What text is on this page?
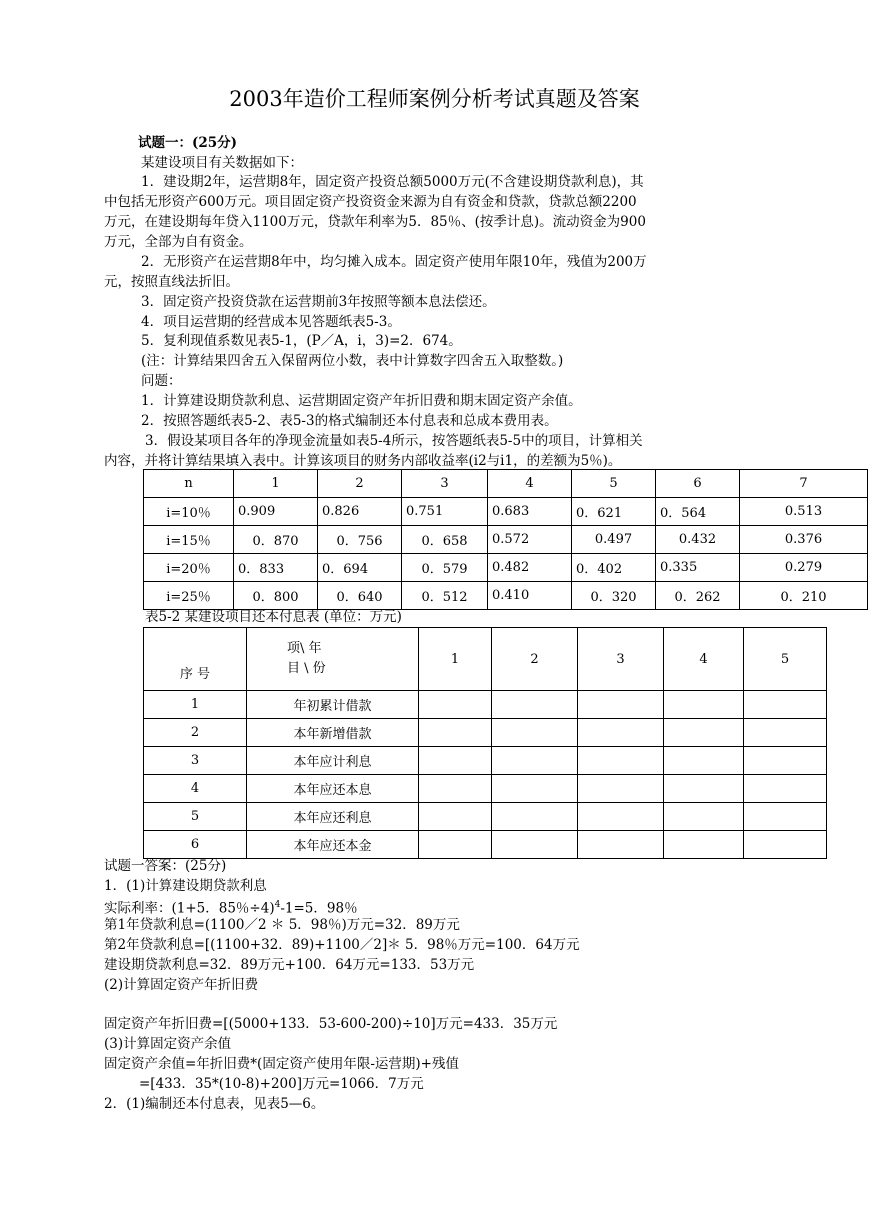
2003年造价工程师案例分析考试真题及答案
试题一：(25分)
某建设项目有关数据如下：
1．建设期2年，运营期8年，固定资产投资总额5000万元(不含建设期贷款利息)，其
中包括无形资产600万元。项目固定资产投资资金来源为自有资金和贷款，贷款总额2200
万元，在建设期每年贷入1100万元，贷款年利率为5．85％、(按季计息)。流动资金为900
万元，全部为自有资金。
2．无形资产在运营期8年中，均匀摊入成本。固定资产使用年限10年，残值为200万
元，按照直线法折旧。
3．固定资产投资贷款在运营期前3年按照等额本息法偿还。
4．项目运营期的经营成本见答题纸表5-3。
5．复利现值系数见表5-1，(P／A，i，3)=2．674。
(注：计算结果四舍五入保留两位小数，表中计算数字四舍五入取整数。)
问题：
1．计算建设期贷款利息、运营期固定资产年折旧费和期末固定资产余值。
2．按照答题纸表5-2、表5-3的格式编制还本付息表和总成本费用表。
3．假设某项目各年的净现金流量如表5-4所示，按答题纸表5-5中的项目，计算相关
内容，并将计算结果填入表中。计算该项目的财务内部收益率(i2与i1，的差额为5％)。
n	1	2	3	4	5	6	7
i=10％	0.909	0.826	0.751	0.683	0．621	0．564	0.513
i=15％	0．870	0．756	0．658	0.572	0.497	0.432	0.376
i=20％	0．833	0．694	0．579	0.482	0．402	0.335	0.279
i=25％	0．800	0．640	0．512	0.410	0．320	0．262	0．210
表5-2 某建设项目还本付息表 (单位：万元)
序 号	项\ 年
目 \ 份	1	2	3	4	5
1	年初累计借款					
2	本年新增借款					
3	本年应计利息					
4	本年应还本息					
5	本年应还利息					
6	本年应还本金					
试题一答案：(25分)
1．(1)计算建设期贷款利息
实际利率：(1+5．85％÷4)$^4$-1=5．98％
第1年贷款利息=(1100／2 ＊ 5．98％)万元=32．89万元
第2年贷款利息=[(1100+32．89)+1100／2]＊ 5．98％万元=100．64万元
建设期贷款利息=32．89万元+100．64万元=133．53万元
(2)计算固定资产年折旧费
固定资产年折旧费=[(5000+133．53-600-200)÷10]万元=433．35万元
(3)计算固定资产余值
固定资产余值=年折旧费*(固定资产使用年限-运营期)+残值
=[433．35*(10-8)+200]万元=1066．7万元
2．(1)编制还本付息表，见表5—6。
